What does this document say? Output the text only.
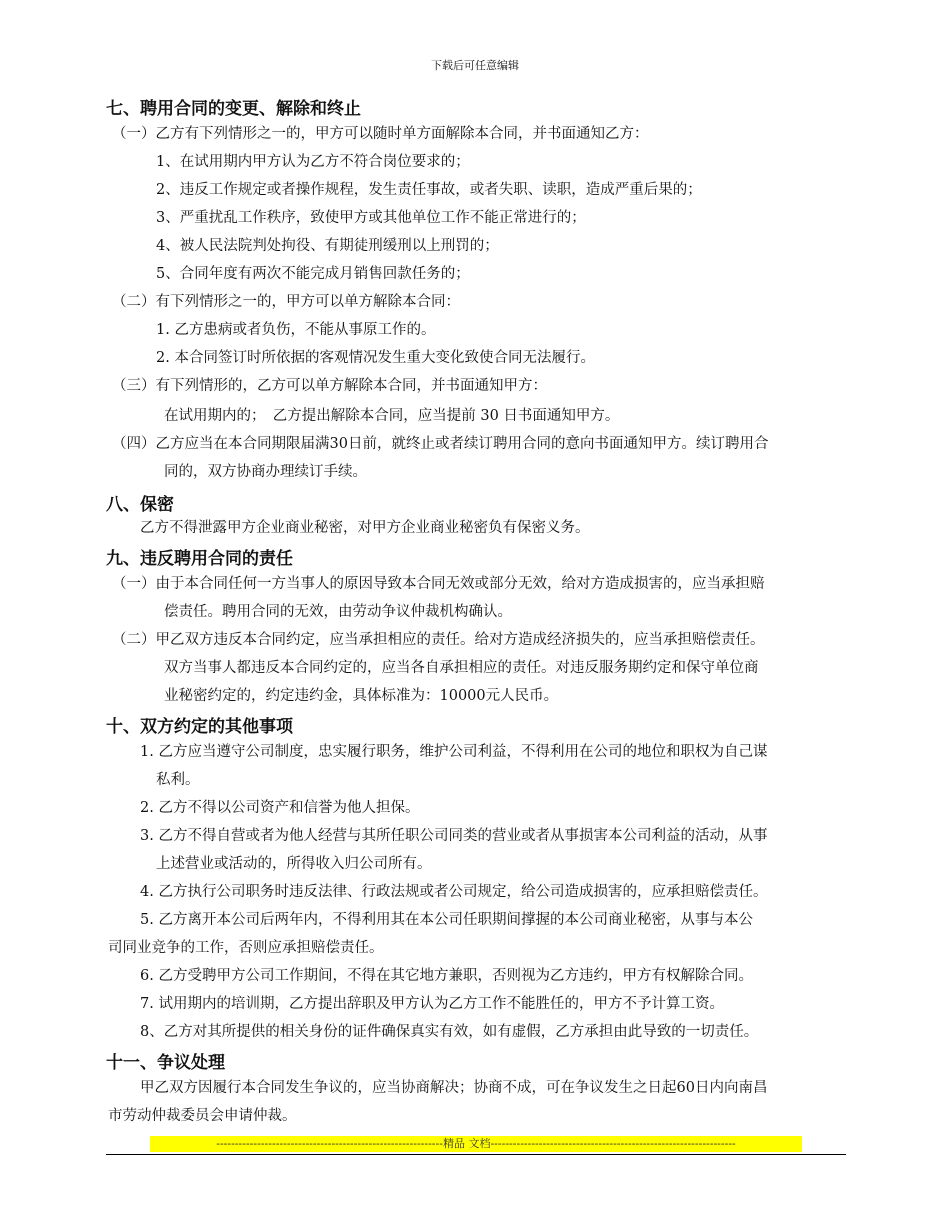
下载后可任意编辑
七、聘用合同的变更、解除和终止
（一）乙方有下列情形之一的，甲方可以随时单方面解除本合同，并书面通知乙方：
1、在试用期内甲方认为乙方不符合岗位要求的；
2、违反工作规定或者操作规程，发生责任事故，或者失职、读职，造成严重后果的；
3、严重扰乱工作秩序，致使甲方或其他单位工作不能正常进行的；
4、被人民法院判处拘役、有期徒刑缓刑以上刑罚的；
5、合同年度有两次不能完成月销售回款任务的；
（二）有下列情形之一的，甲方可以单方解除本合同：
1. 乙方患病或者负伤，不能从事原工作的。
2. 本合同签订时所依据的客观情况发生重大变化致使合同无法履行。
（三）有下列情形的，乙方可以单方解除本合同，并书面通知甲方：
在试用期内的；　乙方提出解除本合同，应当提前 30 日书面通知甲方。
（四）乙方应当在本合同期限届满30日前，就终止或者续订聘用合同的意向书面通知甲方。续订聘用合
同的，双方协商办理续订手续。
八、保密
乙方不得泄露甲方企业商业秘密，对甲方企业商业秘密负有保密义务。
九、违反聘用合同的责任
（一）由于本合同任何一方当事人的原因导致本合同无效或部分无效，给对方造成损害的，应当承担赔
偿责任。聘用合同的无效，由劳动争议仲裁机构确认。
（二）甲乙双方违反本合同约定，应当承担相应的责任。给对方造成经济损失的，应当承担赔偿责任。
双方当事人都违反本合同约定的，应当各自承担相应的责任。对违反服务期约定和保守单位商
业秘密约定的，约定违约金，具体标准为：10000元人民币。
十、双方约定的其他事项
1. 乙方应当遵守公司制度，忠实履行职务，维护公司利益，不得利用在公司的地位和职权为自己谋
私利。
2. 乙方不得以公司资产和信誉为他人担保。
3. 乙方不得自营或者为他人经营与其所任职公司同类的营业或者从事损害本公司利益的活动，从事
上述营业或活动的，所得收入归公司所有。
4. 乙方执行公司职务时违反法律、行政法规或者公司规定，给公司造成损害的，应承担赔偿责任。
5. 乙方离开本公司后两年内，不得利用其在本公司任职期间撑握的本公司商业秘密，从事与本公
司同业竞争的工作，否则应承担赔偿责任。
6. 乙方受聘甲方公司工作期间，不得在其它地方兼职，否则视为乙方违约，甲方有权解除合同。
7. 试用期内的培训期，乙方提出辞职及甲方认为乙方工作不能胜任的，甲方不予计算工资。
8、乙方对其所提供的相关身份的证件确保真实有效，如有虚假，乙方承担由此导致的一切责任。
十一、争议处理
甲乙双方因履行本合同发生争议的，应当协商解决；协商不成，可在争议发生之日起60日内向南昌
市劳动仲裁委员会申请仲裁。
-------------------------------------------------------------精品 文档------------------------------------------------------------------
